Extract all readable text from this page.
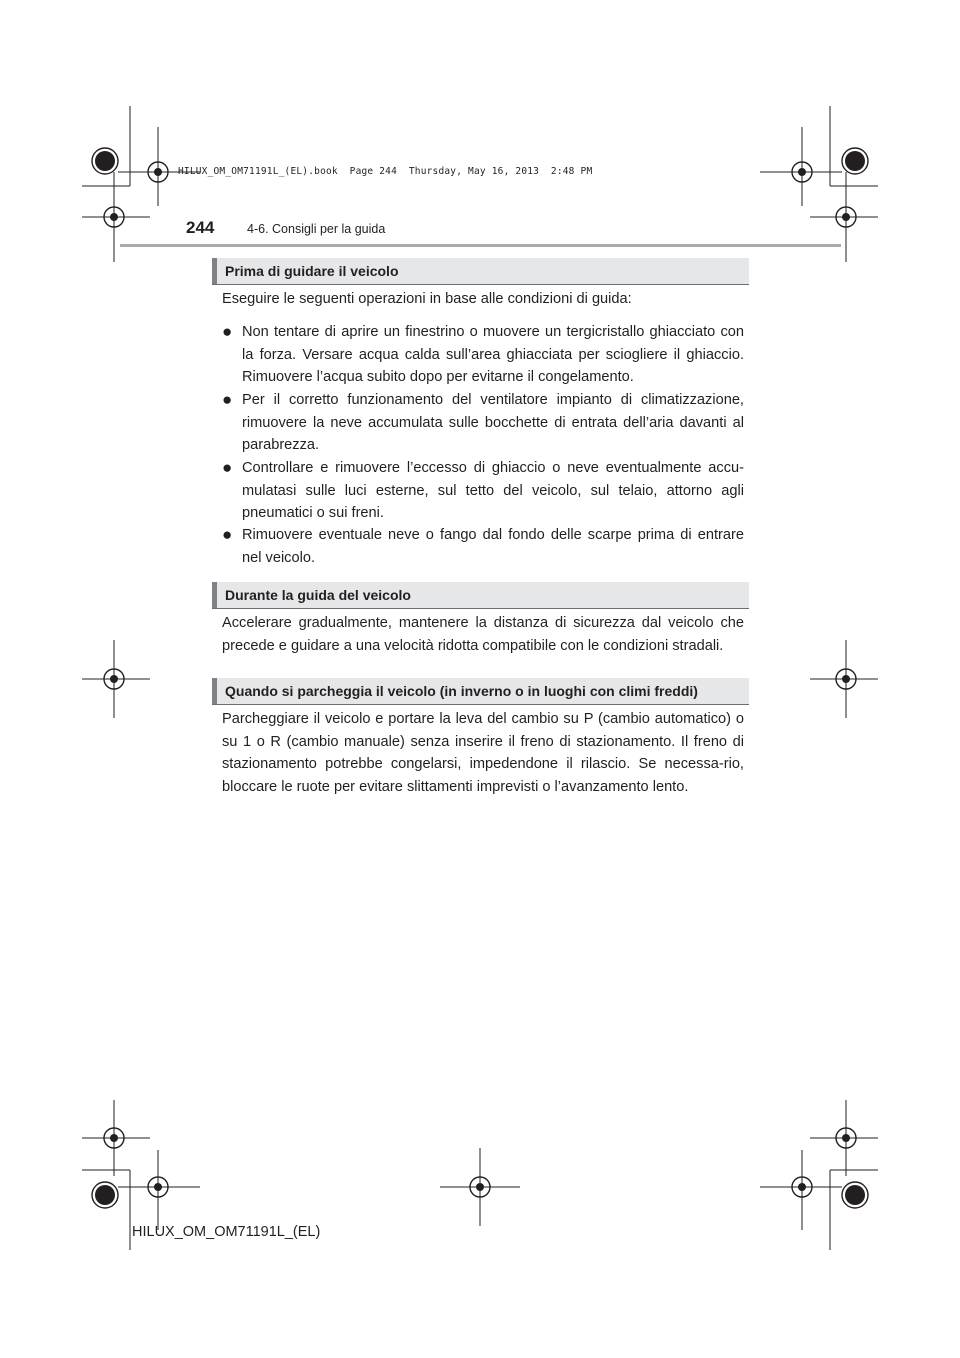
HILUX_OM_OM71191L_(EL).book  Page 244  Thursday, May 16, 2013  2:48 PM
244	4-6. Consigli per la guida
Prima di guidare il veicolo

Eseguire le seguenti operazioni in base alle condizioni di guida:

● Non tentare di aprire un finestrino o muovere un tergicristallo ghiacciato con la forza. Versare acqua calda sull’area ghiacciata per sciogliere il ghiaccio. Rimuovere l’acqua subito dopo per evitarne il congelamento.
● Per il corretto funzionamento del ventilatore impianto di climatizzazione, rimuovere la neve accumulata sulle bocchette di entrata dell’aria davanti al parabrezza.
● Controllare e rimuovere l’eccesso di ghiaccio o neve eventualmente accu-mulatasi sulle luci esterne, sul tetto del veicolo, sul telaio, attorno agli pneumatici o sui freni.
● Rimuovere eventuale neve o fango dal fondo delle scarpe prima di entrare nel veicolo.
Durante la guida del veicolo

Accelerare gradualmente, mantenere la distanza di sicurezza dal veicolo che precede e guidare a una velocità ridotta compatibile con le condizioni stradali.

Quando si parcheggia il veicolo (in inverno o in luoghi con climi freddi)

Parcheggiare il veicolo e portare la leva del cambio su P (cambio automatico) o su 1 o R (cambio manuale) senza inserire il freno di stazionamento. Il freno di stazionamento potrebbe congelarsi, impedendone il rilascio. Se necessa-rio, bloccare le ruote per evitare slittamenti imprevisti o l’avanzamento lento.

HILUX_OM_OM71191L_(EL)
